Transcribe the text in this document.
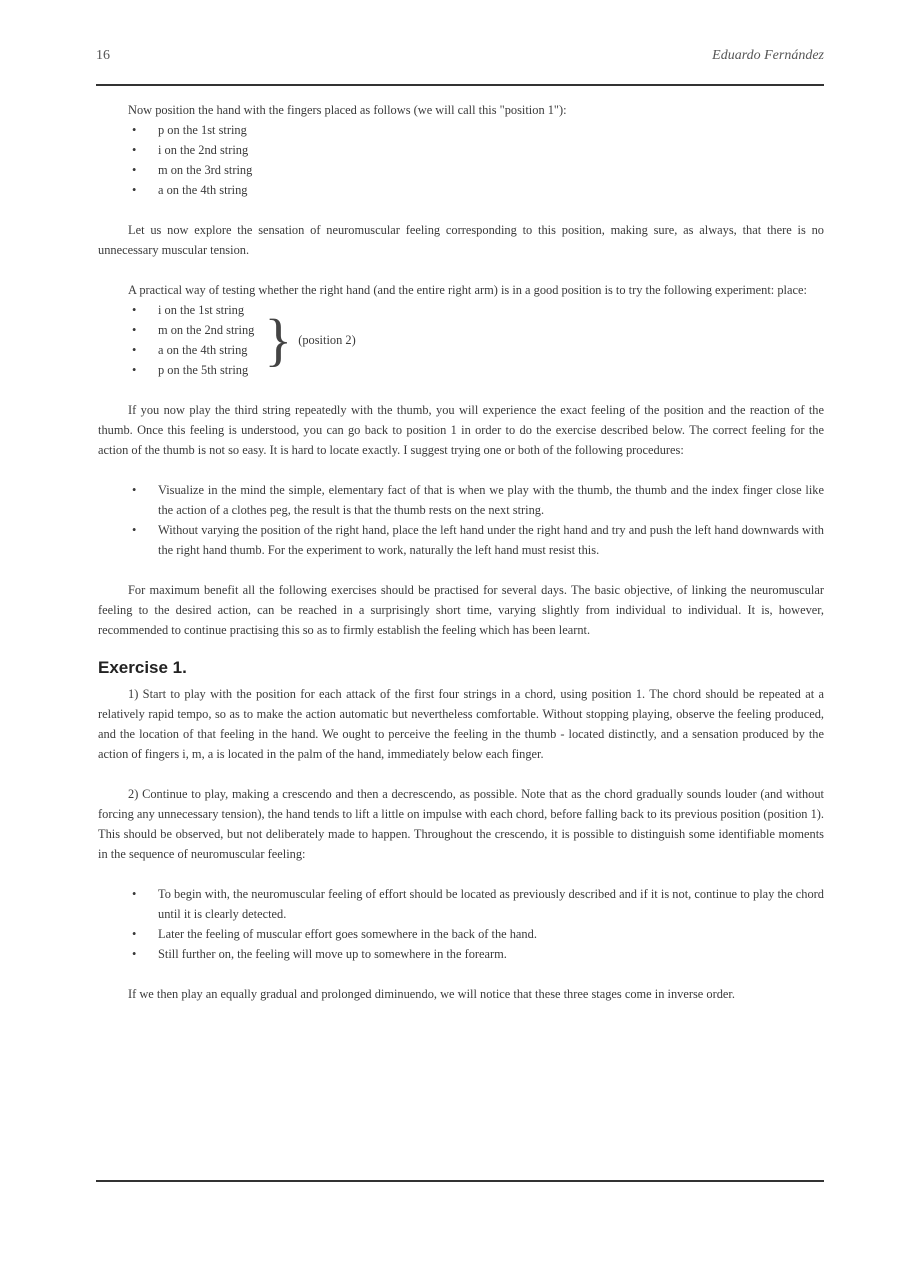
16	Eduardo Fernández

Now position the hand with the fingers placed as follows (we will call this "position 1"):

• p on the 1st string
• i on the 2nd string
• m on the 3rd string
• a on the 4th string

Let us now explore the sensation of neuromuscular feeling corresponding to this position, making sure, as always, that there is no unnecessary muscular tension.

A practical way of testing whether the right hand (and the entire right arm) is in a good position is to try the following experiment: place:

• i on the 1st string
• m on the 2nd string
• a on the 4th string
• p on the 5th string } (position 2)

If you now play the third string repeatedly with the thumb, you will experience the exact feeling of the position and the reaction of the thumb. Once this feeling is understood, you can go back to position 1 in order to do the exercise described below. The correct feeling for the action of the thumb is not so easy. It is hard to locate exactly. I suggest trying one or both of the following procedures:

• Visualize in the mind the simple, elementary fact of that is when we play with the thumb, the thumb and the index finger close like the action of a clothes peg, the result is that the thumb rests on the next string.
• Without varying the position of the right hand, place the left hand under the right hand and try and push the left hand downwards with the right hand thumb. For the experiment to work, naturally the left hand must resist this.

For maximum benefit all the following exercises should be practised for several days. The basic objective, of linking the neuromuscular feeling to the desired action, can be reached in a surprisingly short time, varying slightly from individual to individual. It is, however, recommended to continue practising this so as to firmly establish the feeling which has been learnt.

Exercise 1.

1) Start to play with the position for each attack of the first four strings in a chord, using position 1. The chord should be repeated at a relatively rapid tempo, so as to make the action automatic but nevertheless comfortable. Without stopping playing, observe the feeling produced, and the location of that feeling in the hand. We ought to perceive the feeling in the thumb - located distinctly, and a sensation produced by the action of fingers i, m, a is located in the palm of the hand, immediately below each finger.

2) Continue to play, making a crescendo and then a decrescendo, as possible. Note that as the chord gradually sounds louder (and without forcing any unnecessary tension), the hand tends to lift a little on impulse with each chord, before falling back to its previous position (position 1). This should be observed, but not deliberately made to happen. Throughout the crescendo, it is possible to distinguish some identifiable moments in the sequence of neuromuscular feeling:

• To begin with, the neuromuscular feeling of effort should be located as previously described and if it is not, continue to play the chord until it is clearly detected.
• Later the feeling of muscular effort goes somewhere in the back of the hand.
• Still further on, the feeling will move up to somewhere in the forearm.

If we then play an equally gradual and prolonged diminuendo, we will notice that these three stages come in inverse order.
